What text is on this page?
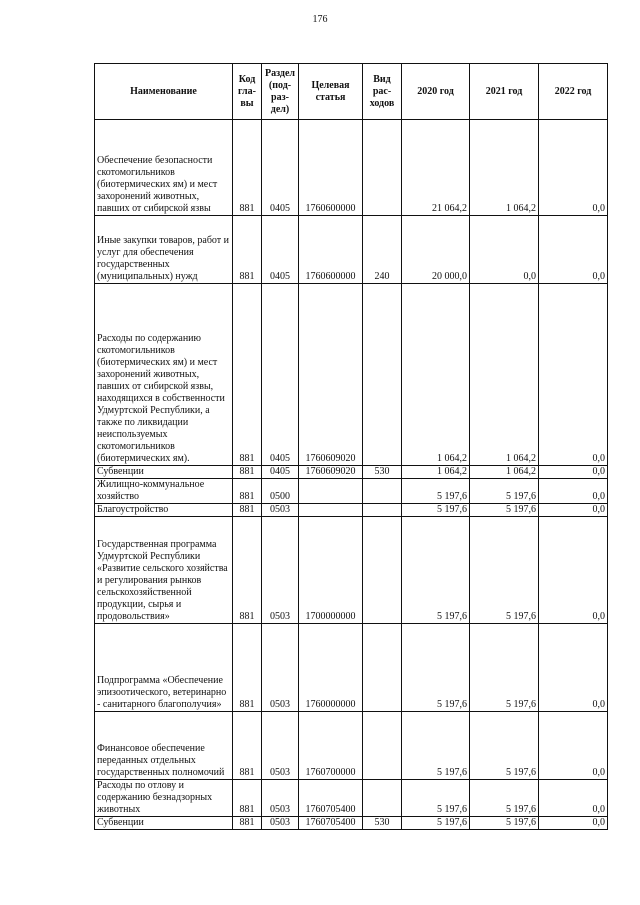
176
Наименование	Код гла- вы	Раздел (под- раз- дел)	Целевая статья	Вид рас- ходов	2020 год	2021 год	2022 год

Обеспечение безопасности скотомогильников (биотермических ям) и мест захоронений животных, павших от сибирской язвы	881	0405	1760600000		21 064,2	1 064,2	0,0

Иные закупки товаров, работ и услуг для обеспечения государственных (муниципальных) нужд	881	0405	1760600000	240	20 000,0	0,0	0,0

Расходы по содержанию скотомогильников (биотермических ям) и мест захоронений животных, павших от сибирской язвы, находящихся в собственности Удмуртской Республики, а также по ликвидации неиспользуемых скотомогильников (биотермических ям).	881	0405	1760609020		1 064,2	1 064,2	0,0

Субвенции	881	0405	1760609020	530	1 064,2	1 064,2	0,0

Жилищно-коммунальное хозяйство	881	0500			5 197,6	5 197,6	0,0

Благоустройство	881	0503			5 197,6	5 197,6	0,0

Государственная программа Удмуртской Республики «Развитие сельского хозяйства и регулирования рынков сельскохозяйственной продукции, сырья и продовольствия»	881	0503	1700000000		5 197,6	5 197,6	0,0

Подпрограмма «Обеспечение эпизоотического, ветеринарно - санитарного благополучия»	881	0503	1760000000		5 197,6	5 197,6	0,0

Финансовое обеспечение переданных отдельных государственных полномочий	881	0503	1760700000		5 197,6	5 197,6	0,0

Расходы по отлову и содержанию безнадзорных животных	881	0503	1760705400		5 197,6	5 197,6	0,0

Субвенции	881	0503	1760705400	530	5 197,6	5 197,6	0,0
